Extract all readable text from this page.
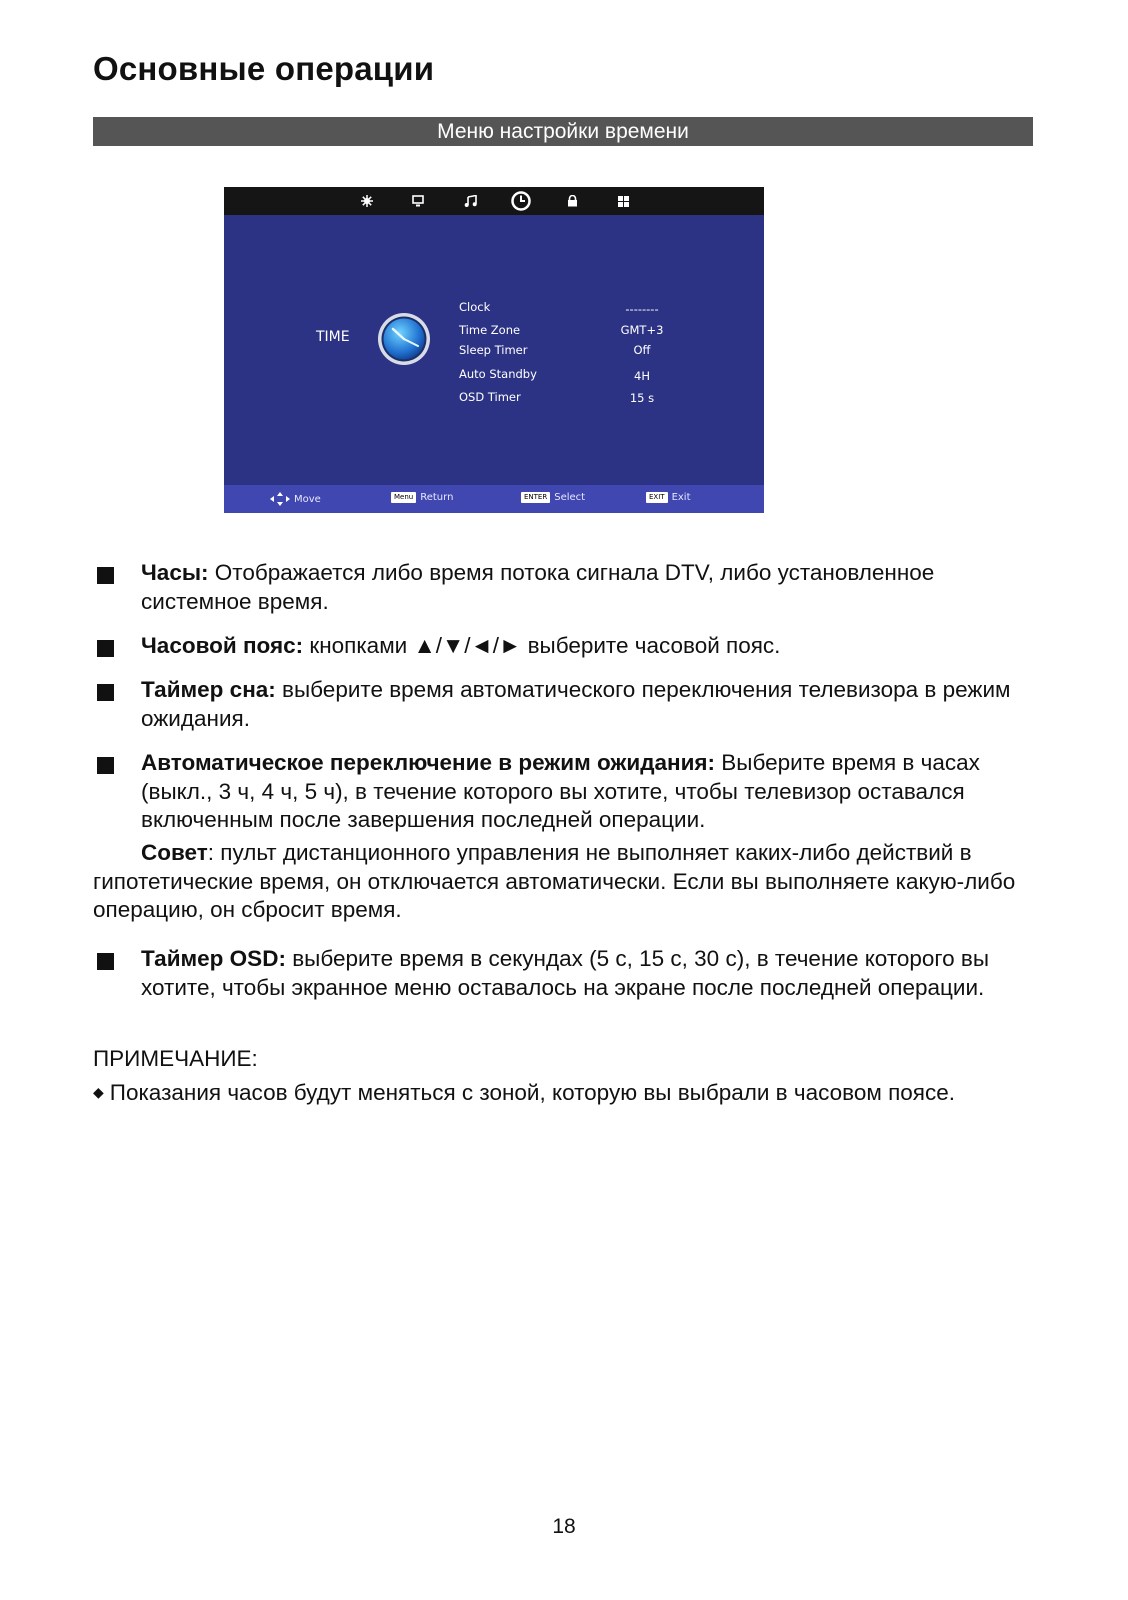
Основные операции
Меню настройки времени
TIME
Clock	--------
Time Zone	GMT+3
Sleep Timer	Off
Auto Standby	4H
OSD Timer	15 s
Move	Menu Return	ENTER Select	EXIT Exit

Часы: Отображается либо время потока сигнала DTV, либо установленное системное время.

Часовой пояс: кнопками ▲/▼/◄/► выберите часовой пояс.

Таймер сна: выберите время автоматического переключения телевизора в режим ожидания.

Автоматическое переключение в режим ожидания: Выберите время в часах (выкл., 3 ч, 4 ч, 5 ч), в течение которого вы хотите, чтобы телевизор оставался включенным после завершения последней операции.

Совет: пульт дистанционного управления не выполняет каких-либо действий в гипотетические время, он отключается автоматически. Если вы выполняете какую-либо операцию, он сбросит время.

Таймер OSD: выберите время в секундах (5 с, 15 с, 30 с), в течение которого вы хотите, чтобы экранное меню оставалось на экране после последней операции.

ПРИМЕЧАНИЕ:

◆ Показания часов будут меняться с зоной, которую вы выбрали в часовом поясе.

18
